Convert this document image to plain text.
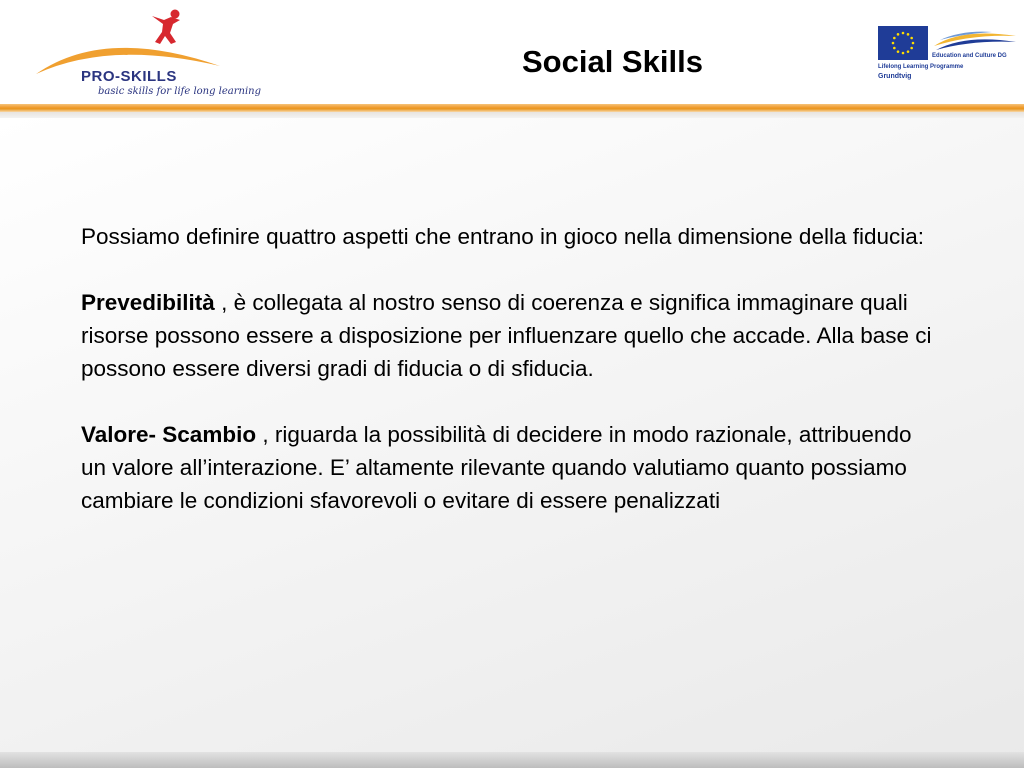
PRO-SKILLS
basic skills for life long learning
Social Skills	Education and Culture DG
Lifelong Learning Programme
Grundtvig

Possiamo definire quattro aspetti che entrano in gioco nella dimensione della fiducia:

Prevedibilità , è collegata al nostro senso di coerenza e significa immaginare quali risorse possono essere a disposizione per influenzare quello che accade. Alla base ci possono essere diversi gradi di fiducia o di sfiducia.

Valore- Scambio , riguarda la possibilità di decidere in modo razionale, attribuendo un valore all’interazione. E’ altamente rilevante quando valutiamo quanto possiamo cambiare le condizioni sfavorevoli o evitare di essere penalizzati
